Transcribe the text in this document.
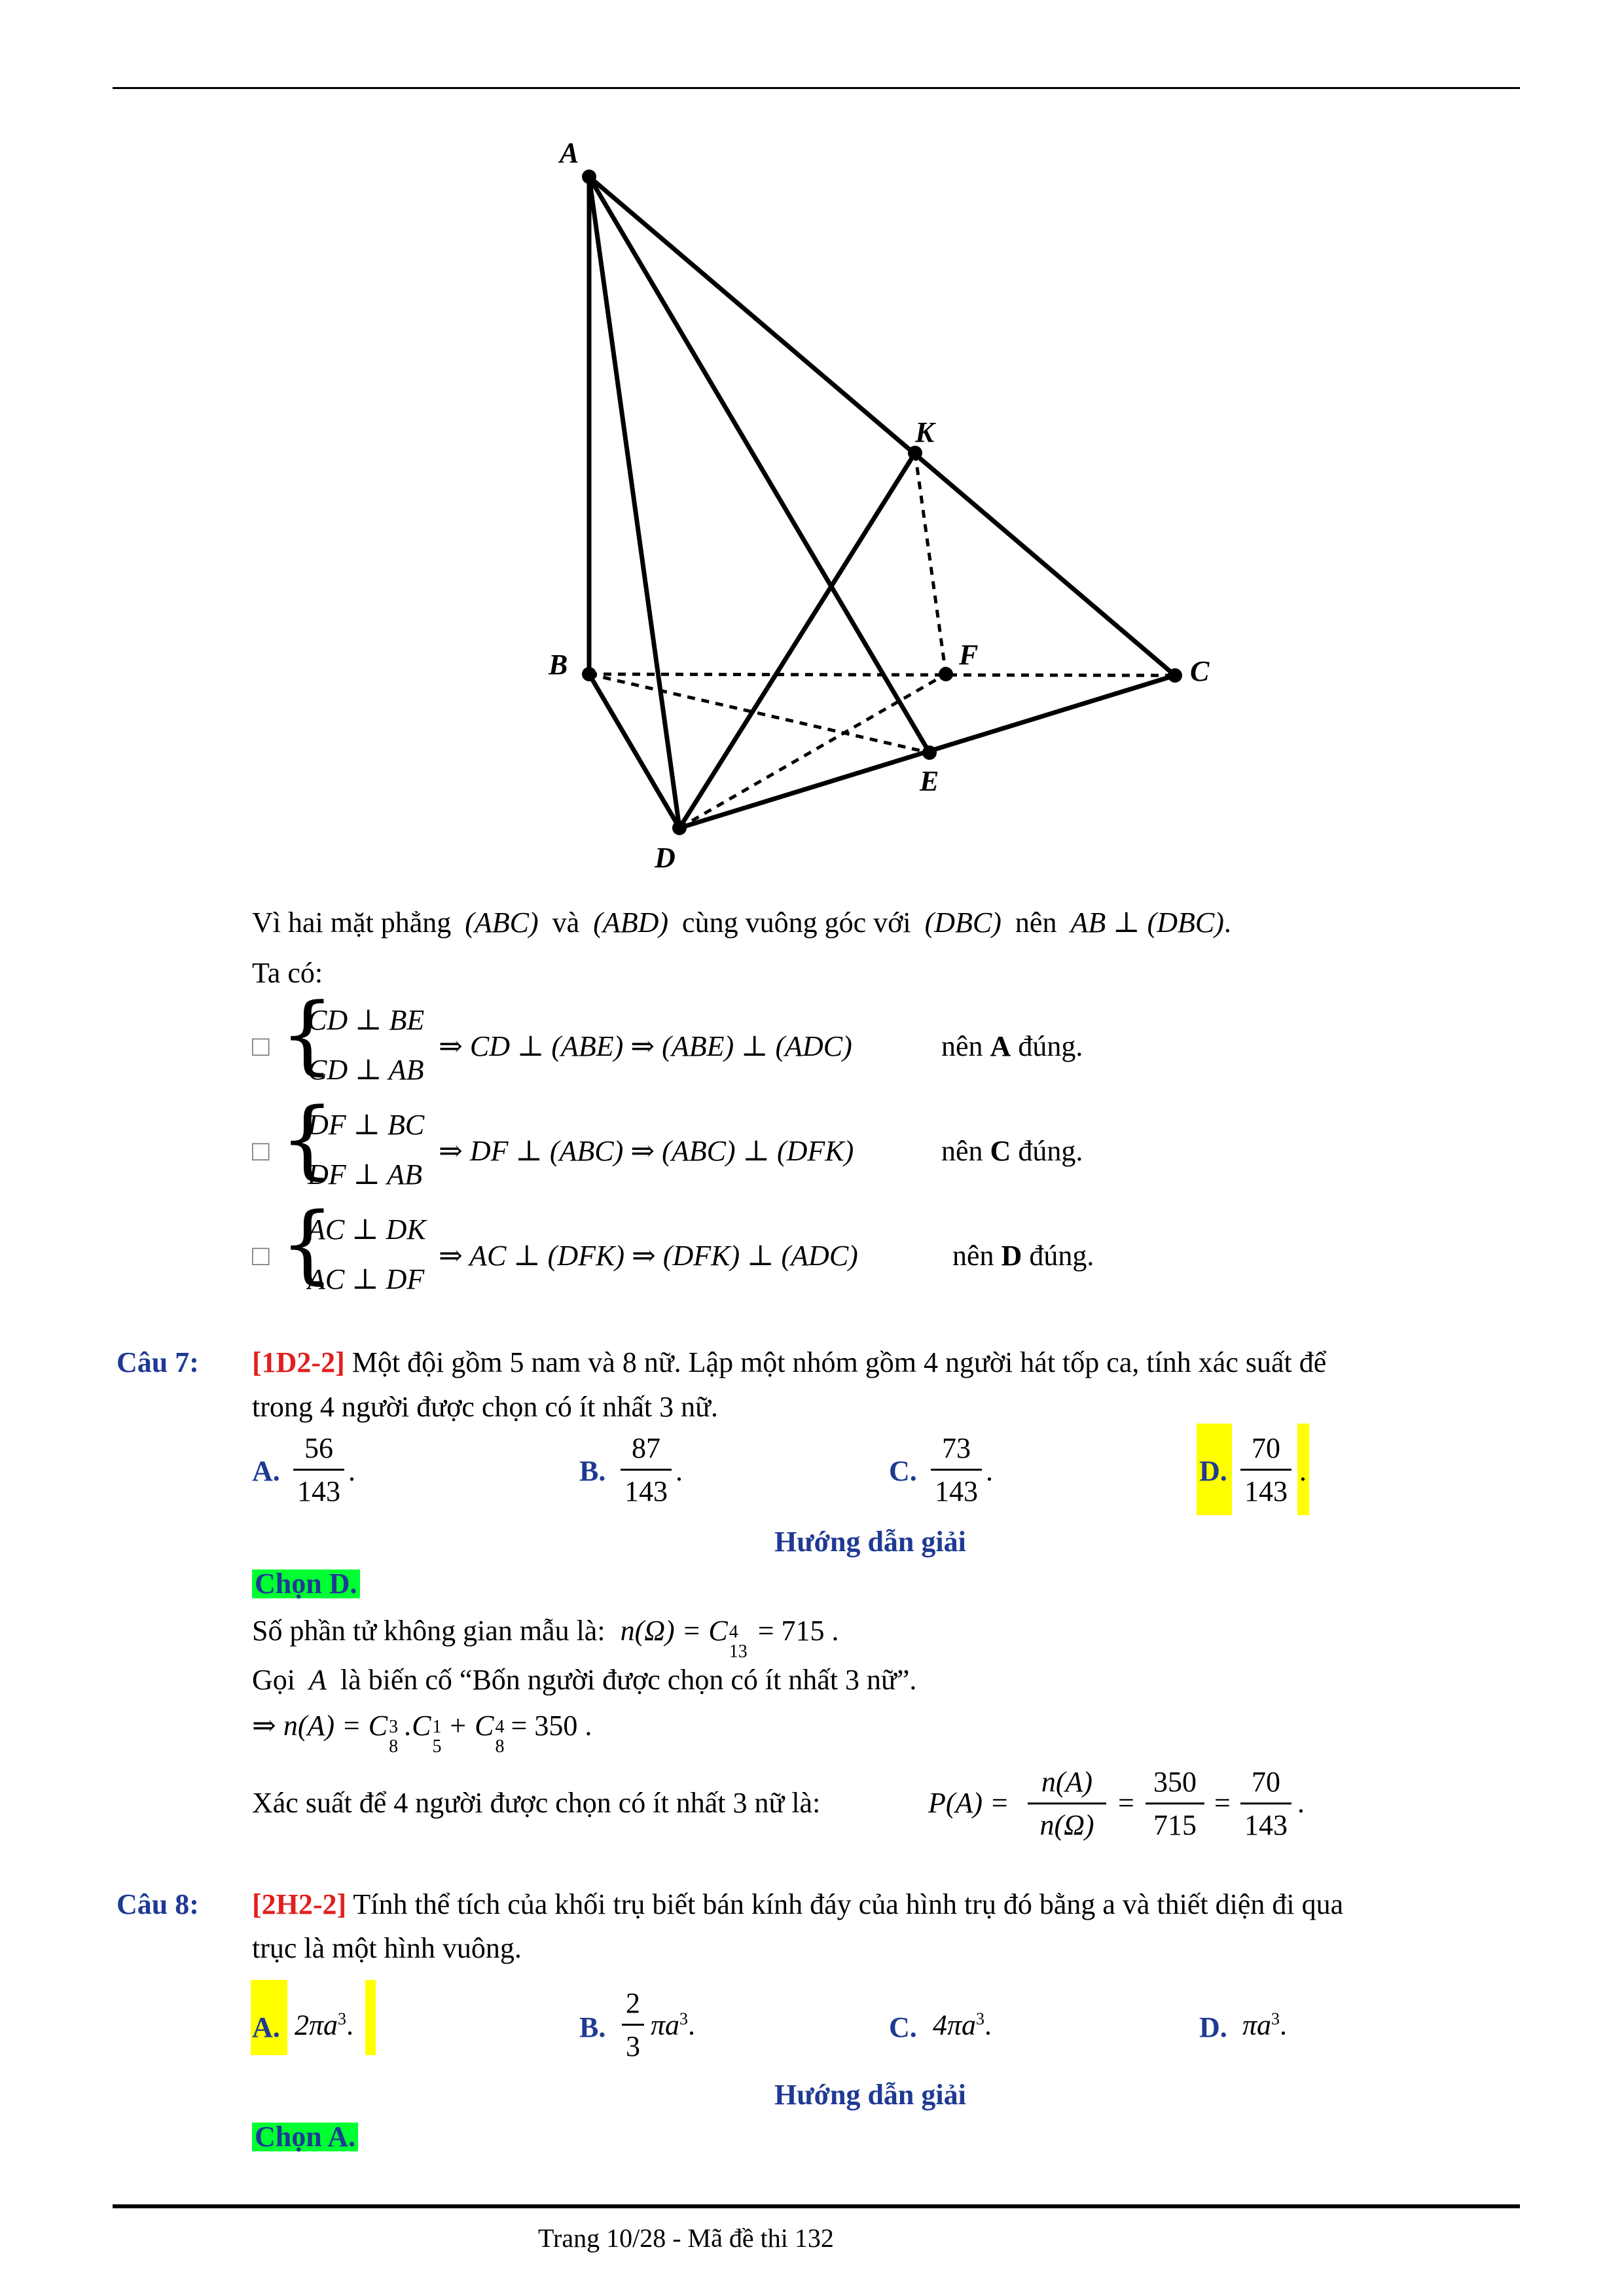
A
K
B	F
C
E
D
Vì hai mặt phẳng (ABC) và (ABD) cùng vuông góc với (DBC) nên AB ⊥ (DBC).
Ta có:
□ {
CD ⊥ BE
CD ⊥ AB
⇒ CD ⊥ (ABE) ⇒ (ABE) ⊥ (ADC)	nên A đúng.
□ {
DF ⊥ BC
DF ⊥ AB
⇒ DF ⊥ (ABC) ⇒ (ABC) ⊥ (DFK)	nên C đúng.
□ {
AC ⊥ DK
AC ⊥ DF
⇒ AC ⊥ (DFK) ⇒ (DFK) ⊥ (ADC)	nên D đúng.
Câu 7: [1D2-2] Một đội gồm 5 nam và 8 nữ. Lập một nhóm gồm 4 người hát tốp ca, tính xác suất để
trong 4 người được chọn có ít nhất 3 nữ.
A.
56
143
.	B.
87
143
.	C.
73
143
.	D.
70
143
.
Hướng dẫn giải
Chọn D.
Số phần tử không gian mẫu là: n(Ω) = C 4
13
= 715 .
Gọi A là biến cố “Bốn người được chọn có ít nhất 3 nữ”.
⇒ n(A) = C 3
8
.C 1
5
+ C 4
8
= 350 .
Xác suất để 4 người được chọn có ít nhất 3 nữ là:	P(A) =
n(A)
n(Ω)
=
350
715
=
70
143
.
Câu 8: [2H2-2] Tính thể tích của khối trụ biết bán kính đáy của hình trụ đó bằng a và thiết diện đi qua
trục là một hình vuông.
A. $2\pi a^3$.	B.
2
3
$\pi a^3$.	C. $4\pi a^3$.	D. $\pi a^3$.
Hướng dẫn giải
Chọn A.
Trang 10/28 - Mã đề thi 132
